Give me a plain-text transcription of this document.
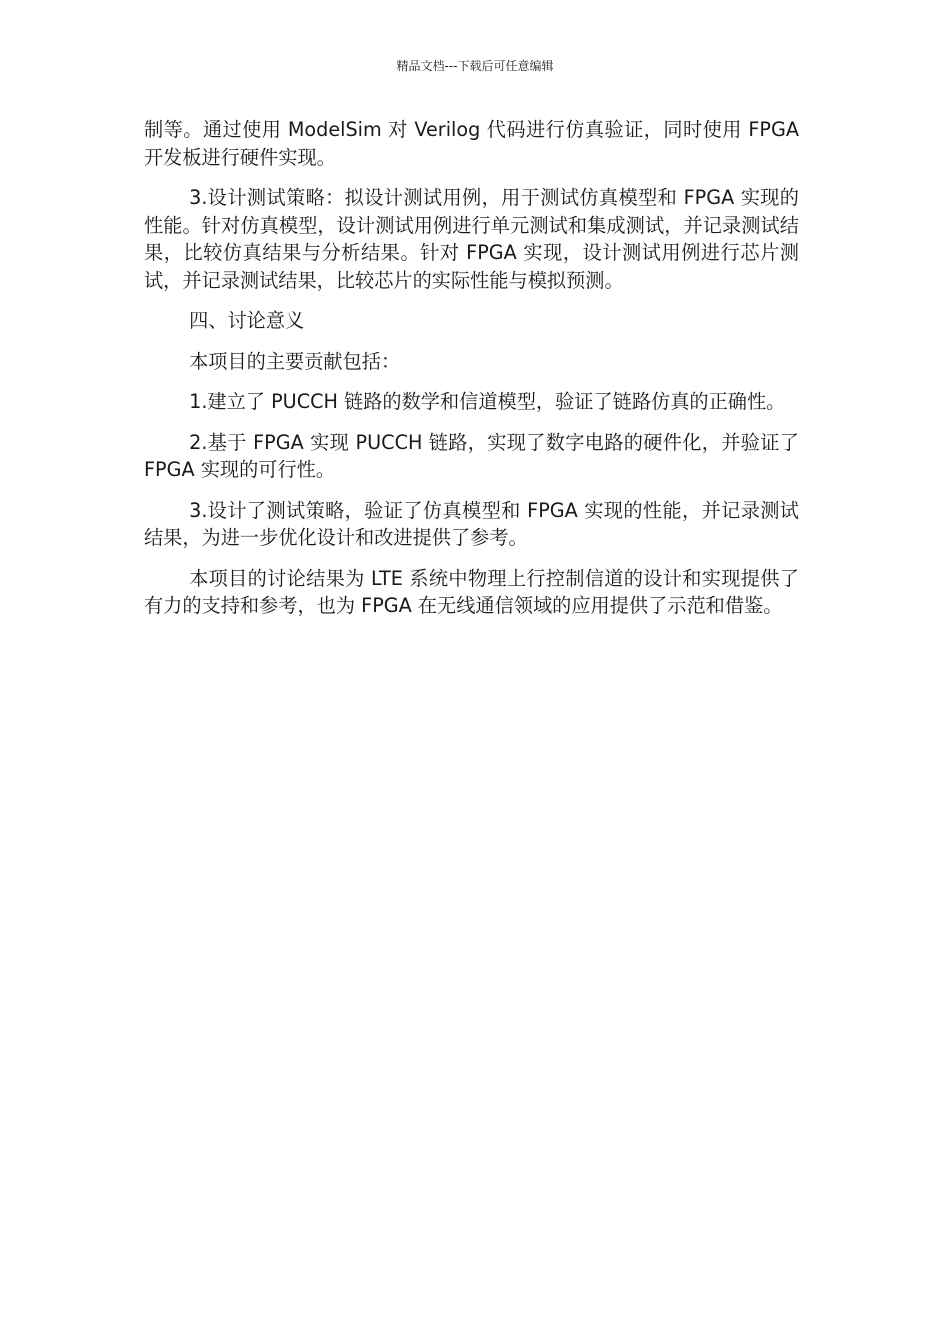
精品文档---下载后可任意编辑

制等。通过使用 ModelSim 对 Verilog 代码进行仿真验证，同时使用 FPGA 开发板进行硬件实现。

3.设计测试策略：拟设计测试用例，用于测试仿真模型和 FPGA 实现的性能。针对仿真模型，设计测试用例进行单元测试和集成测试，并记录测试结果，比较仿真结果与分析结果。针对 FPGA 实现，设计测试用例进行芯片测试，并记录测试结果，比较芯片的实际性能与模拟预测。

四、讨论意义

本项目的主要贡献包括：

1.建立了 PUCCH 链路的数学和信道模型，验证了链路仿真的正确性。

2.基于 FPGA 实现 PUCCH 链路，实现了数字电路的硬件化，并验证了 FPGA 实现的可行性。

3.设计了测试策略，验证了仿真模型和 FPGA 实现的性能，并记录测试结果，为进一步优化设计和改进提供了参考。

本项目的讨论结果为 LTE 系统中物理上行控制信道的设计和实现提供了有力的支持和参考，也为 FPGA 在无线通信领域的应用提供了示范和借鉴。
